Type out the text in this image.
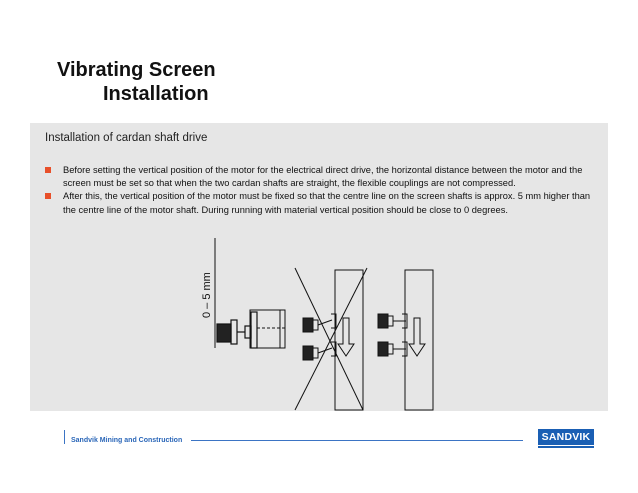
Vibrating Screen
Installation
Installation of cardan shaft drive
Before setting the vertical position of the motor for the electrical direct drive, the horizontal distance between the motor and the screen must be set so that when the two cardan shafts are straight, the flexible couplings are not compressed.
After this, the vertical position of the motor must be fixed so that the centre line on the screen shafts is approx. 5 mm higher than the centre line of the motor shaft. During running with material vertical position should be close to 0 degrees.
0 – 5 mm
Sandvik Mining and Construction	SANDVIK
